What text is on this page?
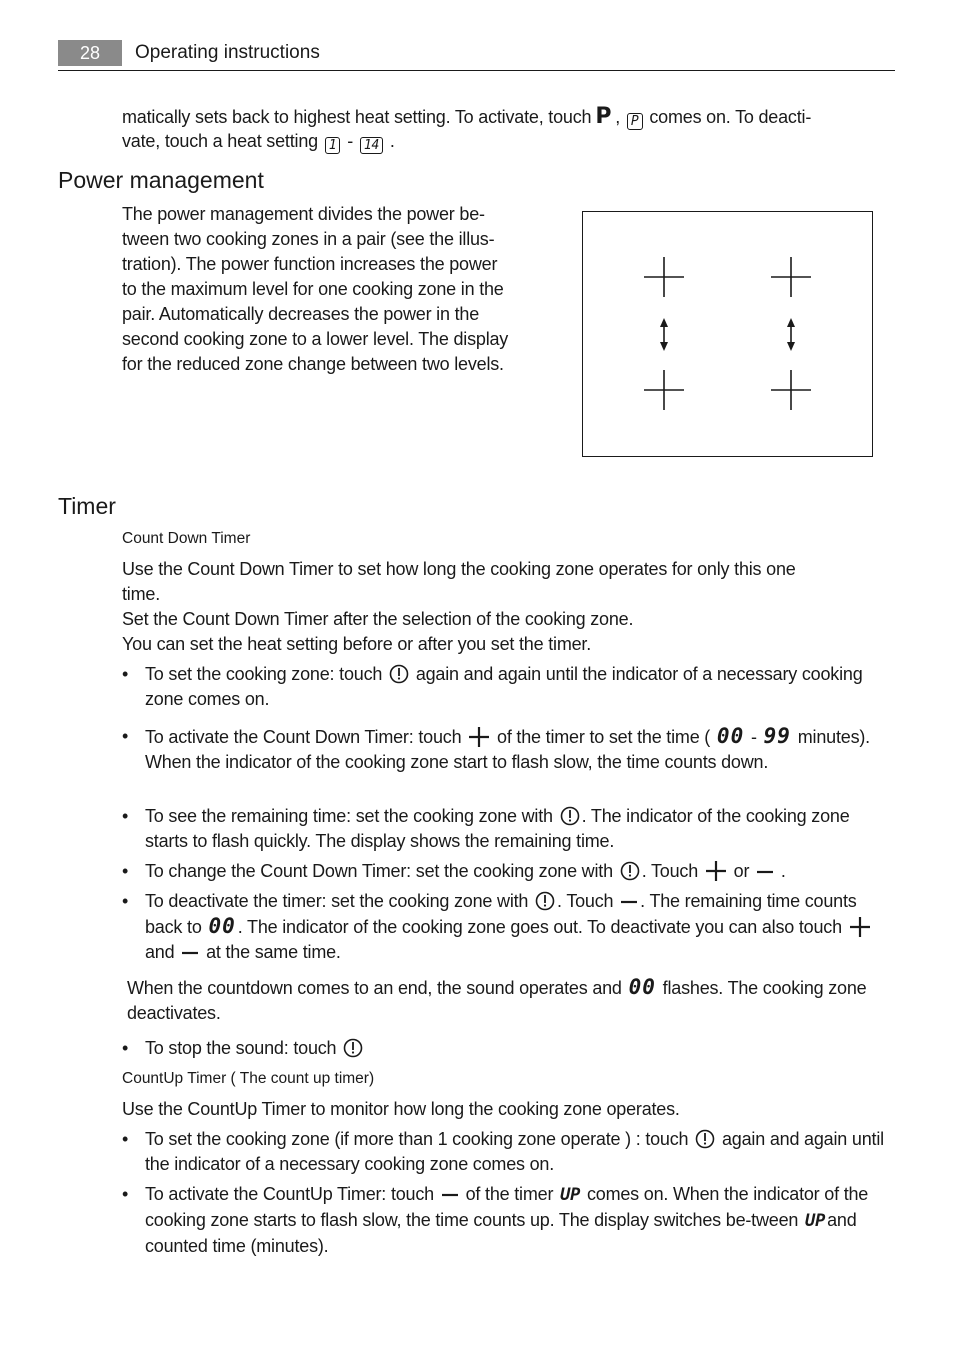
28	Operating instructions
matically sets back to highest heat setting. To activate, touch P , P comes on. To deacti-
vate, touch a heat setting 1 - 14 .
Power management
The power management divides the power be-
tween two cooking zones in a pair (see the illus-
tration). The power function increases the power
to the maximum level for one cooking zone in the
pair. Automatically decreases the power in the
second cooking zone to a lower level. The display
for the reduced zone change between two levels.
Timer
Count Down Timer
Use the Count Down Timer to set how long the cooking zone operates for only this one
time.
Set the Count Down Timer after the selection of the cooking zone.
You can set the heat setting before or after you set the timer.
• To set the cooking zone: touch again and again until the indicator of a necessary cooking zone comes on.
• To activate the Count Down Timer: touch of the timer to set the time ( 00 - 99 minutes). When the indicator of the cooking zone start to flash slow, the time counts down.
• To see the remaining time: set the cooking zone with . The indicator of the cooking zone starts to flash quickly. The display shows the remaining time.
• To change the Count Down Timer: set the cooking zone with . Touch or .
• To deactivate the timer: set the cooking zone with . Touch . The remaining time counts back to 00 . The indicator of the cooking zone goes out. To deactivate you can also touch  and at the same time.
When the countdown comes to an end, the sound operates and 00 flashes. The cooking zone deactivates.
• To stop the sound: touch
CountUp Timer ( The count up timer)
Use the CountUp Timer to monitor how long the cooking zone operates.
• To set the cooking zone (if more than 1 cooking zone operate ) : touch again and again until the indicator of a necessary cooking zone comes on.
• To activate the CountUp Timer: touch of the timer UP comes on. When the indicator of the cooking zone starts to flash slow, the time counts up. The display switches be-tween UP and counted time (minutes).
